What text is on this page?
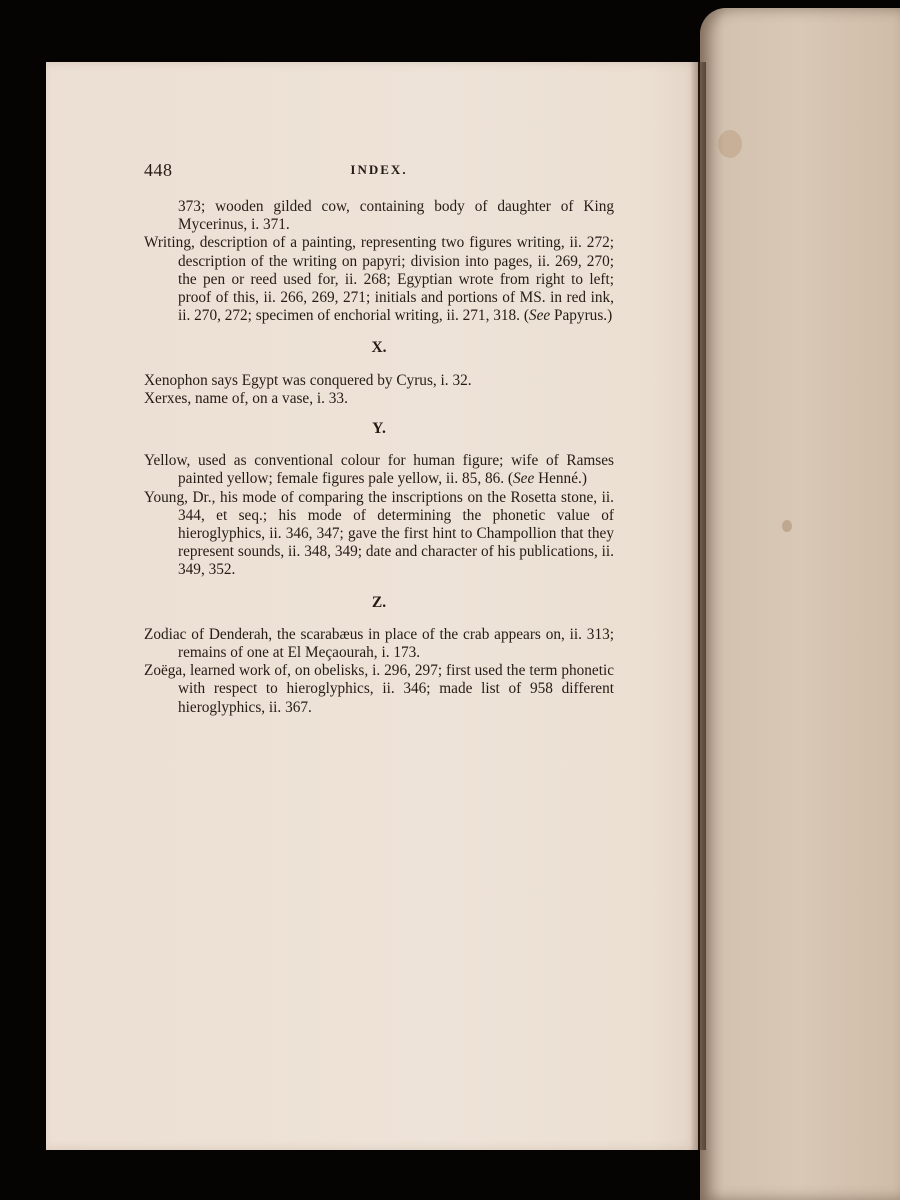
448	INDEX.

373; wooden gilded cow, containing body of daughter of King Mycerinus, i. 371.

Writing, description of a painting, representing two figures writing, ii. 272; description of the writing on papyri; division into pages, ii. 269, 270; the pen or reed used for, ii. 268; Egyptian wrote from right to left; proof of this, ii. 266, 269, 271; initials and portions of MS. in red ink, ii. 270, 272; specimen of enchorial writing, ii. 271, 318. (See Papyrus.)

X.

Xenophon says Egypt was conquered by Cyrus, i. 32.

Xerxes, name of, on a vase, i. 33.

Y.

Yellow, used as conventional colour for human figure; wife of Ramses painted yellow; female figures pale yellow, ii. 85, 86. (See Henné.)

Young, Dr., his mode of comparing the inscriptions on the Rosetta stone, ii. 344, et seq.; his mode of determining the phonetic value of hieroglyphics, ii. 346, 347; gave the first hint to Champollion that they represent sounds, ii. 348, 349; date and character of his publications, ii. 349, 352.

Z.

Zodiac of Denderah, the scarabæus in place of the crab appears on, ii. 313; remains of one at El Meçaourah, i. 173.

Zoëga, learned work of, on obelisks, i. 296, 297; first used the term phonetic with respect to hieroglyphics, ii. 346; made list of 958 different hieroglyphics, ii. 367.
